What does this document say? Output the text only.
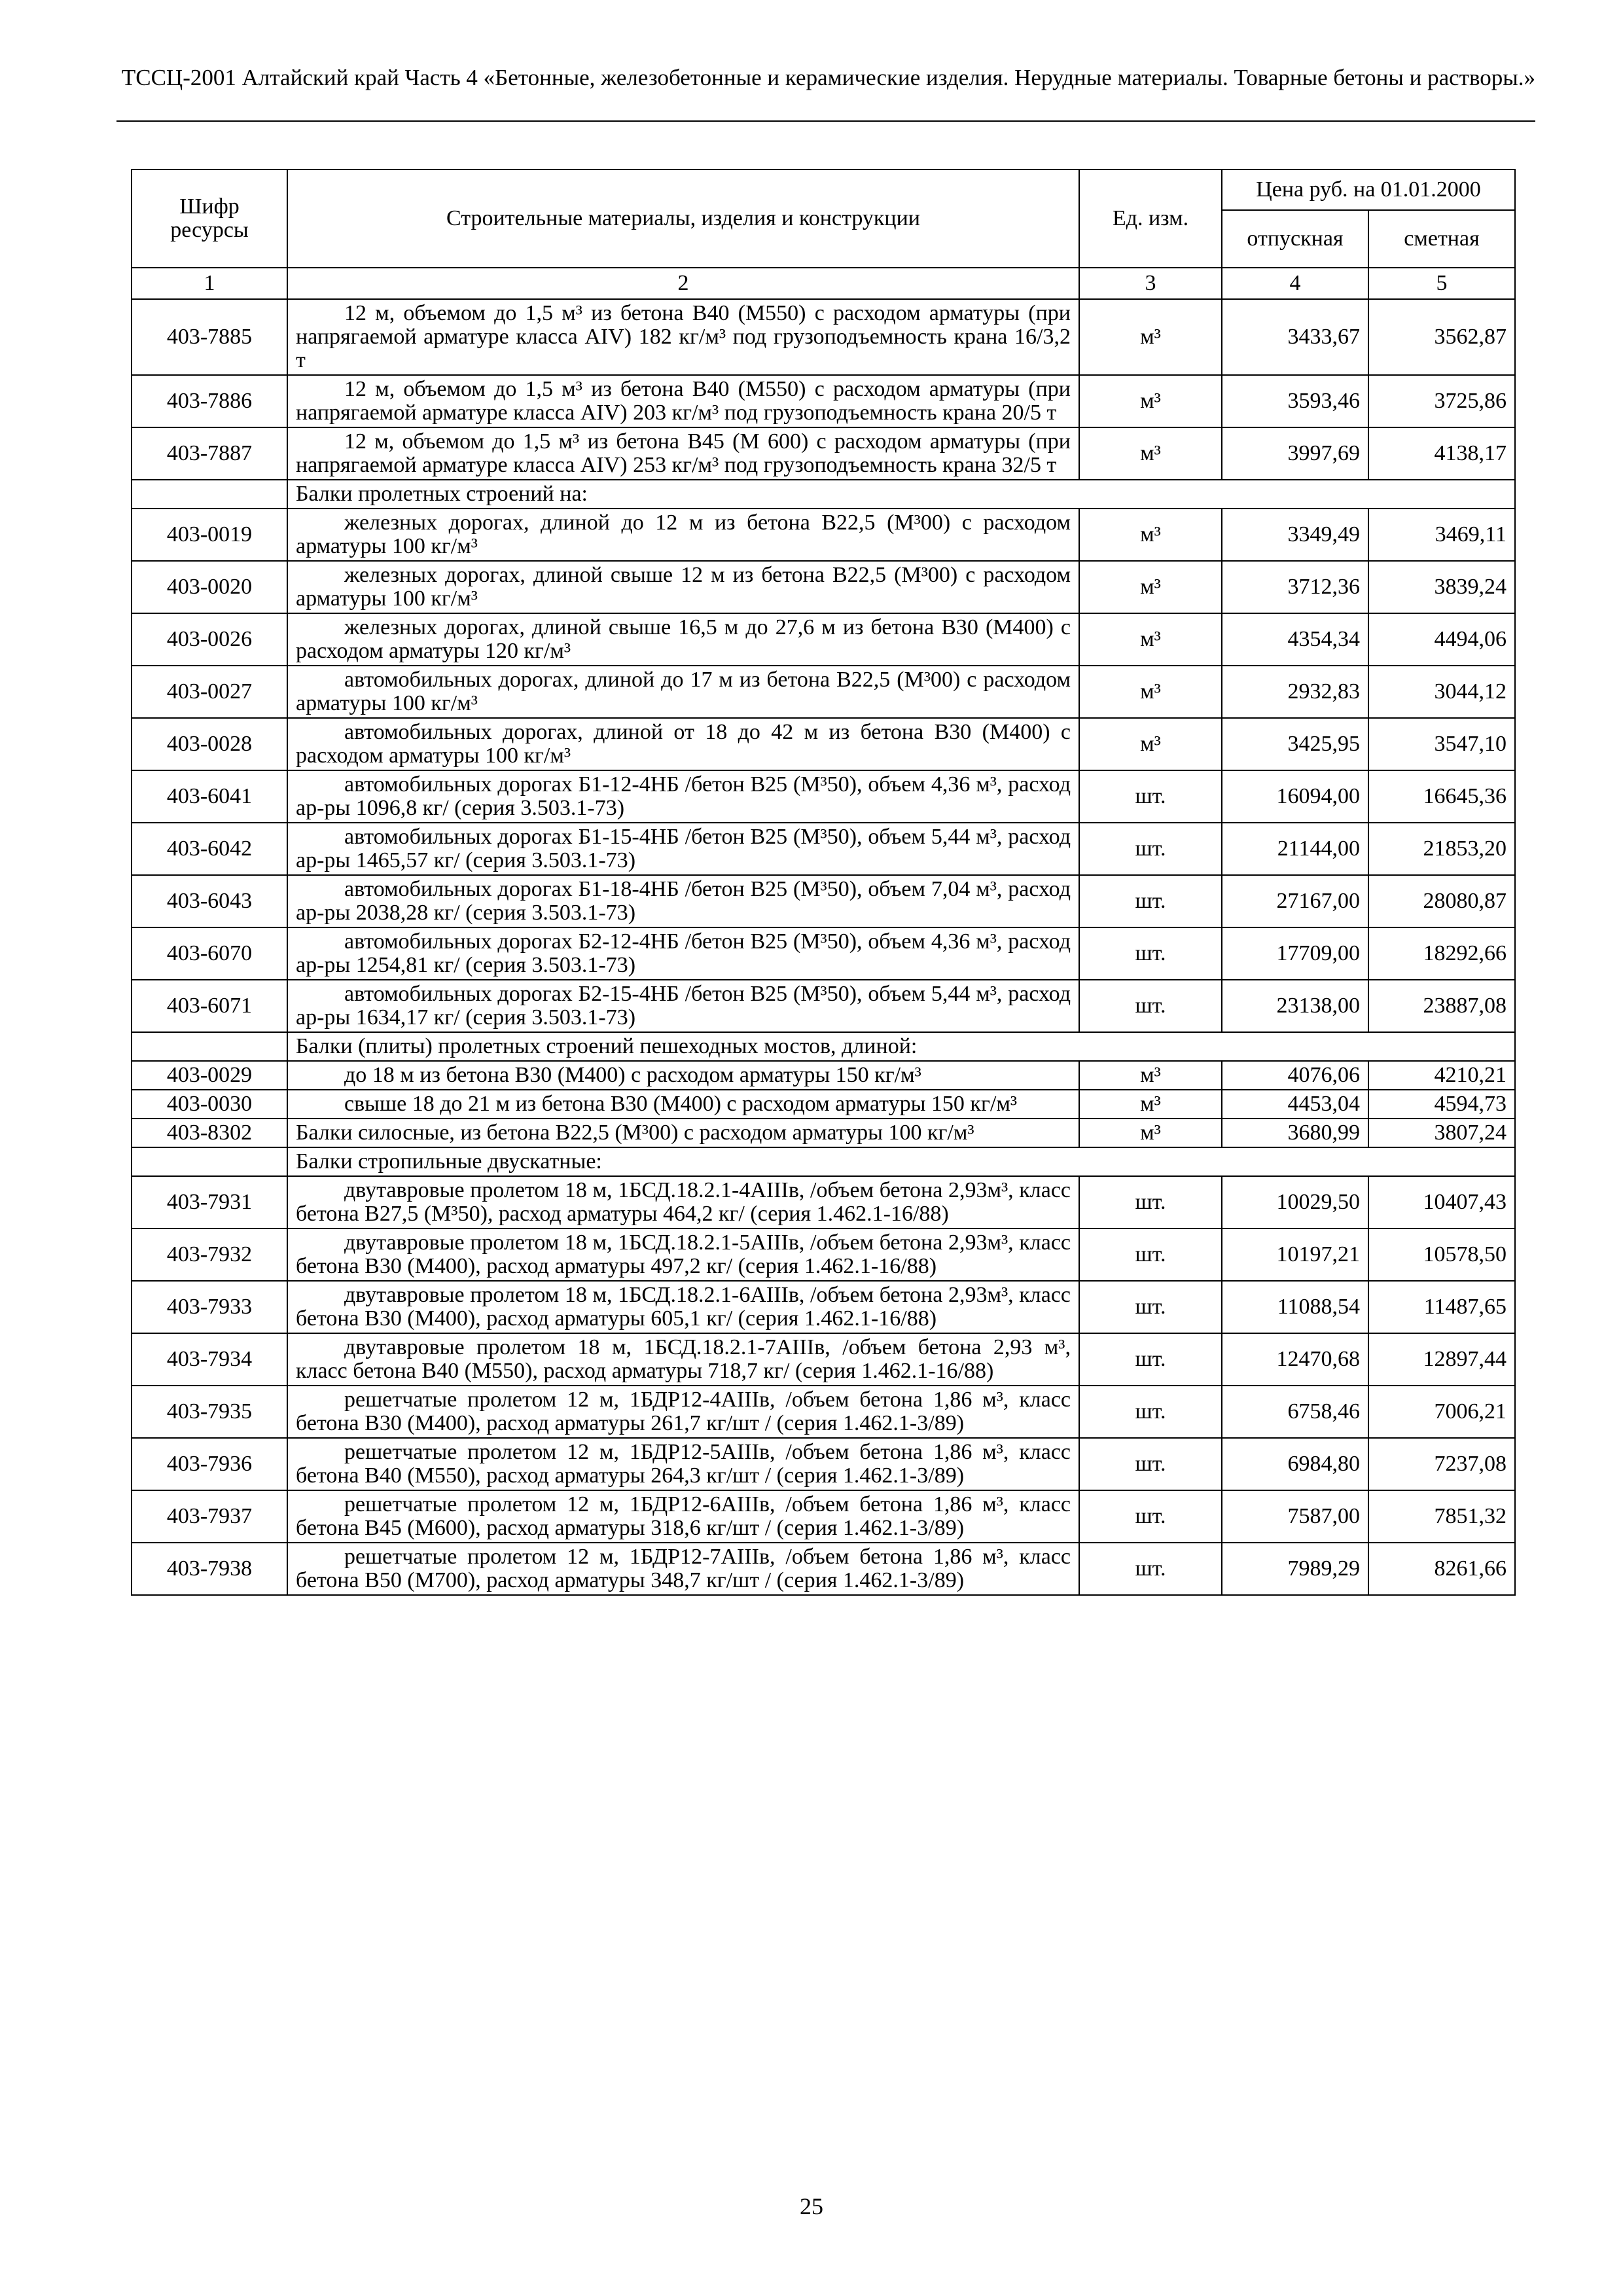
ТССЦ-2001 Алтайский край Часть 4 «Бетонные, железобетонные и керамические изделия. Нерудные материалы. Товарные бетоны и растворы.»
Шифр ресурсы	Строительные материалы, изделия и конструкции	Ед. изм.	Цена руб. на 01.01.2000	
			отпускная	сметная
1	2	3	4	5
403-7885	12 м, объемом до 1,5 м³ из бетона В40 (М550) с расходом арматуры (при напрягаемой арматуре класса АIV) 182 кг/м³ под грузоподъемность крана 16/3,2 т	м³	3433,67	3562,87
403-7886	12 м, объемом до 1,5 м³ из бетона В40 (М550) с расходом арматуры (при напрягаемой арматуре класса АIV) 203 кг/м³ под грузоподъемность крана 20/5 т	м³	3593,46	3725,86
403-7887	12 м, объемом до 1,5 м³ из бетона В45 (М 600) с расходом арматуры (при напрягаемой арматуре класса АIV) 253 кг/м³ под грузоподъемность крана 32/5 т	м³	3997,69	4138,17
	Балки пролетных строений на:			
403-0019	железных дорогах, длиной до 12 м из бетона В22,5 (М³00) с расходом арматуры 100 кг/м³	м³	3349,49	3469,11
403-0020	железных дорогах, длиной свыше 12 м из бетона В22,5 (М³00) с расходом арматуры 100 кг/м³	м³	3712,36	3839,24
403-0026	железных дорогах, длиной свыше 16,5 м до 27,6 м из бетона В30 (М400) с расходом арматуры 120 кг/м³	м³	4354,34	4494,06
403-0027	автомобильных дорогах, длиной до 17 м из бетона В22,5 (М³00) с расходом арматуры 100 кг/м³	м³	2932,83	3044,12
403-0028	автомобильных дорогах, длиной от 18 до 42 м из бетона В30 (М400) с расходом арматуры 100 кг/м³	м³	3425,95	3547,10
403-6041	автомобильных дорогах Б1-12-4НБ /бетон В25 (М³50), объем 4,36 м³, расход ар-ры 1096,8 кг/ (серия 3.503.1-73)	шт.	16094,00	16645,36
403-6042	автомобильных дорогах Б1-15-4НБ /бетон В25 (М³50), объем 5,44 м³, расход ар-ры 1465,57 кг/ (серия 3.503.1-73)	шт.	21144,00	21853,20
403-6043	автомобильных дорогах Б1-18-4НБ /бетон В25 (М³50), объем 7,04 м³, расход ар-ры 2038,28 кг/ (серия 3.503.1-73)	шт.	27167,00	28080,87
403-6070	автомобильных дорогах Б2-12-4НБ /бетон В25 (М³50), объем 4,36 м³, расход ар-ры 1254,81 кг/ (серия 3.503.1-73)	шт.	17709,00	18292,66
403-6071	автомобильных дорогах Б2-15-4НБ /бетон В25 (М³50), объем 5,44 м³, расход ар-ры 1634,17 кг/ (серия 3.503.1-73)	шт.	23138,00	23887,08
	Балки (плиты) пролетных строений пешеходных мостов, длиной:			
403-0029	до 18 м из бетона В30 (М400) с расходом арматуры 150 кг/м³	м³	4076,06	4210,21
403-0030	свыше 18 до 21 м из бетона В30 (М400) с расходом арматуры 150 кг/м³	м³	4453,04	4594,73
403-8302	Балки силосные, из бетона В22,5 (М³00) с расходом арматуры 100 кг/м³	м³	3680,99	3807,24
	Балки стропильные двускатные:			
403-7931	двутавровые пролетом 18 м, 1БСД.18.2.1-4АIIIв, /объем бетона 2,93м³, класс бетона В27,5 (М³50), расход арматуры 464,2 кг/ (серия 1.462.1-16/88)	шт.	10029,50	10407,43
403-7932	двутавровые пролетом 18 м, 1БСД.18.2.1-5АIIIв, /объем бетона 2,93м³, класс бетона В30 (М400), расход арматуры 497,2 кг/ (серия 1.462.1-16/88)	шт.	10197,21	10578,50
403-7933	двутавровые пролетом 18 м, 1БСД.18.2.1-6АIIIв, /объем бетона 2,93м³, класс бетона В30 (М400), расход арматуры 605,1 кг/ (серия 1.462.1-16/88)	шт.	11088,54	11487,65
403-7934	двутавровые пролетом 18 м, 1БСД.18.2.1-7АIIIв, /объем бетона 2,93 м³, класс бетона В40 (М550), расход арматуры 718,7 кг/ (серия 1.462.1-16/88)	шт.	12470,68	12897,44
403-7935	решетчатые пролетом 12 м, 1БДР12-4АIIIв, /объем бетона 1,86 м³, класс бетона В30 (М400), расход арматуры 261,7 кг/шт / (серия 1.462.1-3/89)	шт.	6758,46	7006,21
403-7936	решетчатые пролетом 12 м, 1БДР12-5АIIIв, /объем бетона 1,86 м³, класс бетона В40 (М550), расход арматуры 264,3 кг/шт / (серия 1.462.1-3/89)	шт.	6984,80	7237,08
403-7937	решетчатые пролетом 12 м, 1БДР12-6АIIIв, /объем бетона 1,86 м³, класс бетона В45 (М600), расход арматуры 318,6 кг/шт / (серия 1.462.1-3/89)	шт.	7587,00	7851,32
403-7938	решетчатые пролетом 12 м, 1БДР12-7АIIIв, /объем бетона 1,86 м³, класс бетона В50 (М700), расход арматуры 348,7 кг/шт / (серия 1.462.1-3/89)	шт.	7989,29	8261,66
25
